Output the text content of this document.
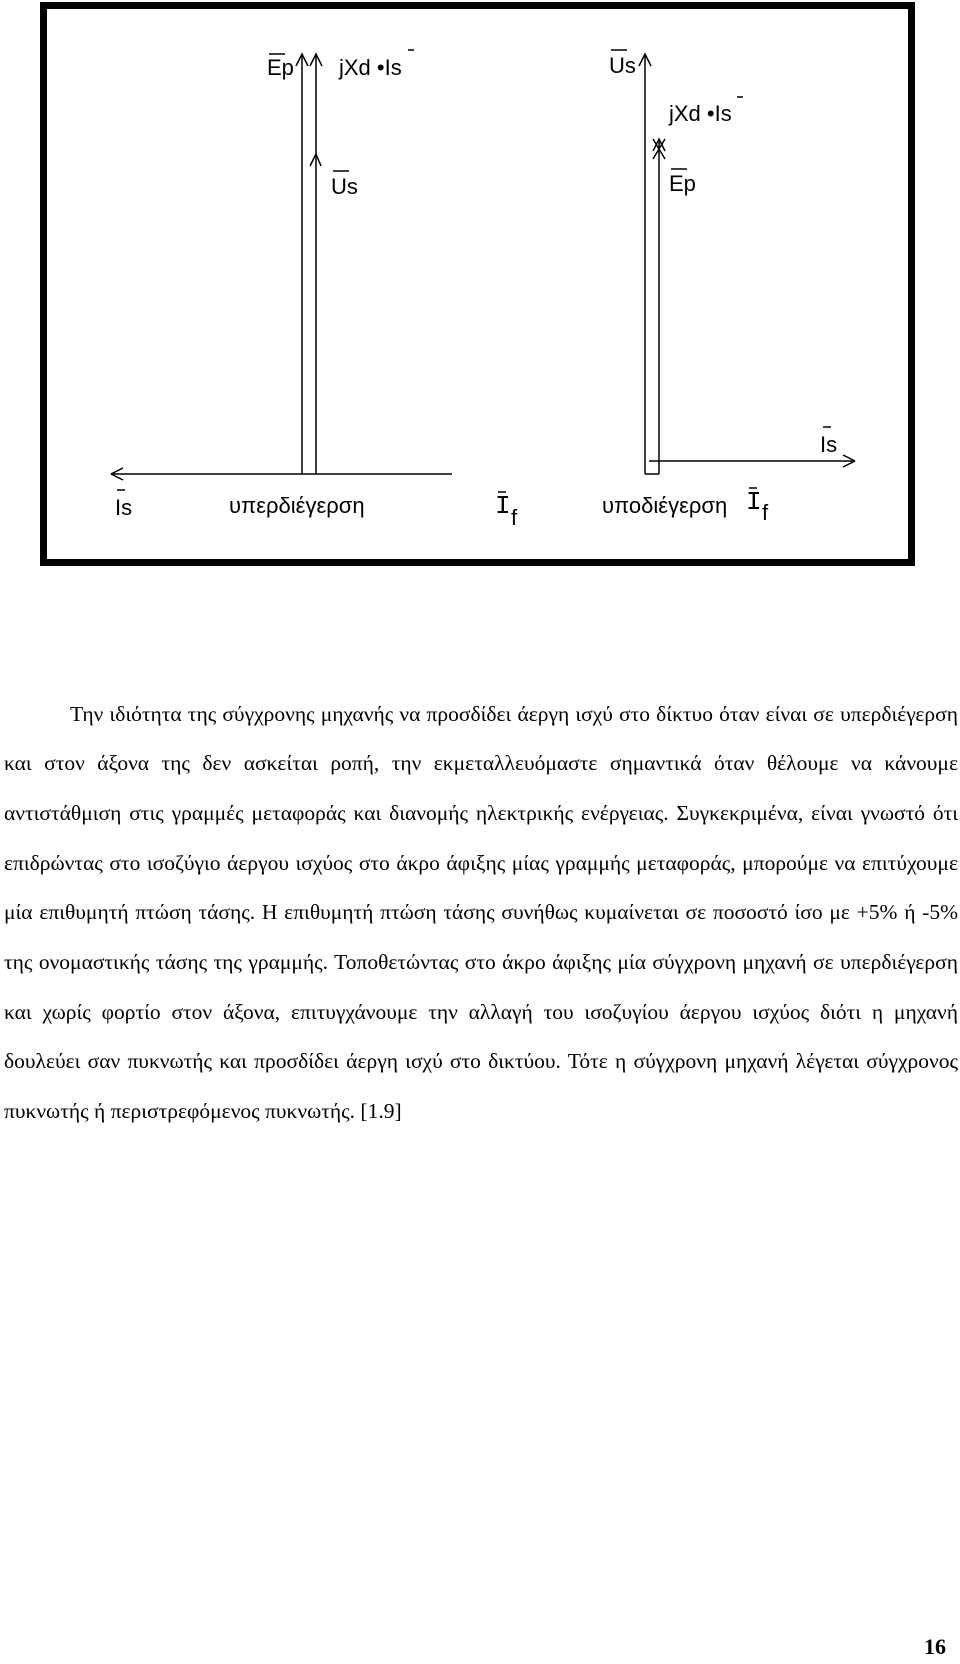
Ep jXd •Is
Us
Is	υπερδιέγερση	I f
Us
jXd •Is
Ep
Is
υποδιέγερση I f

Την ιδιότητα της σύγχρονης μηχανής να προσδίδει άεργη ισχύ στο δίκτυο όταν είναι σε υπερδιέγερση και στον άξονα της δεν ασκείται ροπή, την εκμεταλλευόμαστε σημαντικά όταν θέλουμε να κάνουμε αντιστάθμιση στις γραμμές μεταφοράς και διανομής ηλεκτρικής ενέργειας. Συγκεκριμένα, είναι γνωστό ότι επιδρώντας στο ισοζύγιο άεργου ισχύος στο άκρο άφιξης μίας γραμμής μεταφοράς, μπορούμε να επιτύχουμε μία επιθυμητή πτώση τάσης. Η επιθυμητή πτώση τάσης συνήθως κυμαίνεται σε ποσοστό ίσο με +5% ή -5% της ονομαστικής τάσης της γραμμής. Τοποθετώντας στο άκρο άφιξης μία σύγχρονη μηχανή σε υπερδιέγερση και χωρίς φορτίο στον άξονα, επιτυγχάνουμε την αλλαγή του ισοζυγίου άεργου ισχύος διότι η μηχανή δουλεύει σαν πυκνωτής και προσδίδει άεργη ισχύ στο δικτύου. Τότε η σύγχρονη μηχανή λέγεται σύγχρονος πυκνωτής ή περιστρεφόμενος πυκνωτής. [1.9]

16
